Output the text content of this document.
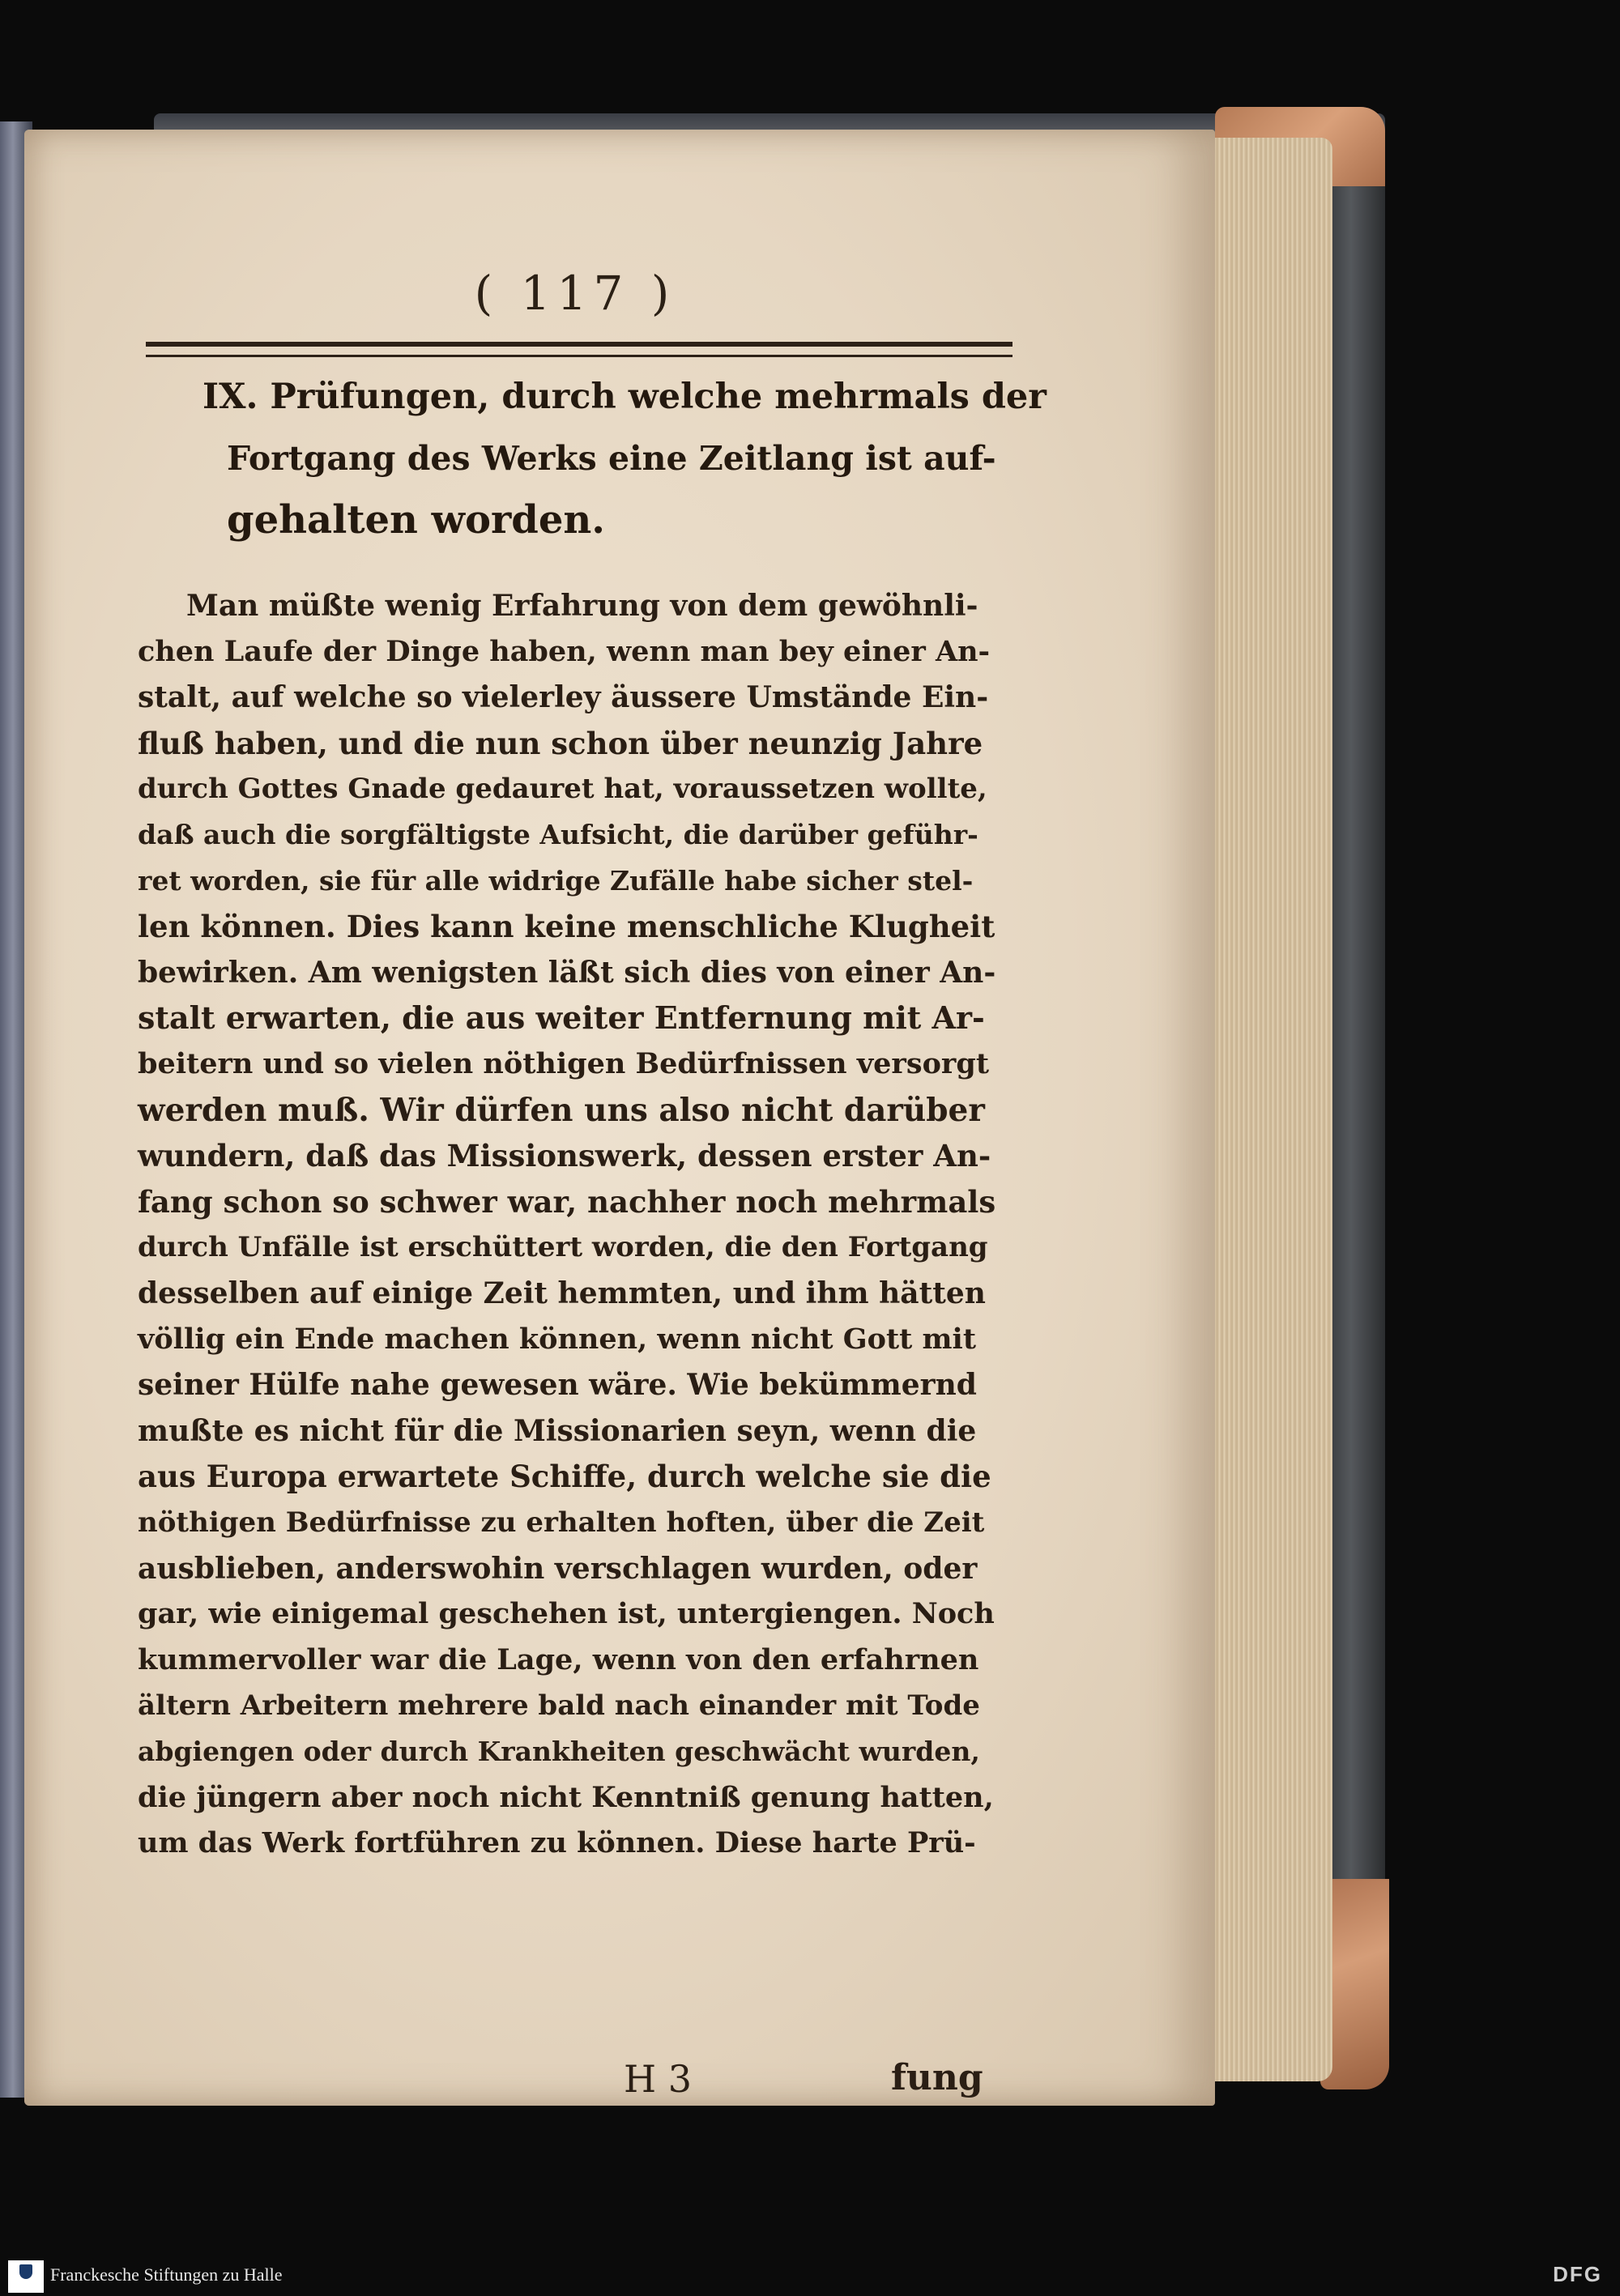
( 117 )
IX. Prüfungen, durch welche mehrmals der
Fortgang des Werks eine Zeitlang ist auf-
gehalten worden.
Man müßte wenig Erfahrung von dem gewöhnli-
chen Laufe der Dinge haben, wenn man bey einer An-
stalt, auf welche so vielerley äussere Umstände Ein-
fluß haben, und die nun schon über neunzig Jahre
durch Gottes Gnade gedauret hat, voraussetzen wollte,
daß auch die sorgfältigste Aufsicht, die darüber geführ-
ret worden, sie für alle widrige Zufälle habe sicher stel-
len können. Dies kann keine menschliche Klugheit
bewirken. Am wenigsten läßt sich dies von einer An-
stalt erwarten, die aus weiter Entfernung mit Ar-
beitern und so vielen nöthigen Bedürfnissen versorgt
werden muß. Wir dürfen uns also nicht darüber
wundern, daß das Missionswerk, dessen erster An-
fang schon so schwer war, nachher noch mehrmals
durch Unfälle ist erschüttert worden, die den Fortgang
desselben auf einige Zeit hemmten, und ihm hätten
völlig ein Ende machen können, wenn nicht Gott mit
seiner Hülfe nahe gewesen wäre. Wie bekümmernd
mußte es nicht für die Missionarien seyn, wenn die
aus Europa erwartete Schiffe, durch welche sie die
nöthigen Bedürfnisse zu erhalten hoften, über die Zeit
ausblieben, anderswohin verschlagen wurden, oder
gar, wie einigemal geschehen ist, untergiengen. Noch
kummervoller war die Lage, wenn von den erfahrnen
ältern Arbeitern mehrere bald nach einander mit Tode
abgiengen oder durch Krankheiten geschwächt wurden,
die jüngern aber noch nicht Kenntniß genung hatten,
um das Werk fortführen zu können. Diese harte Prü-
H 3	fung
Franckesche Stiftungen zu Halle	DFG
